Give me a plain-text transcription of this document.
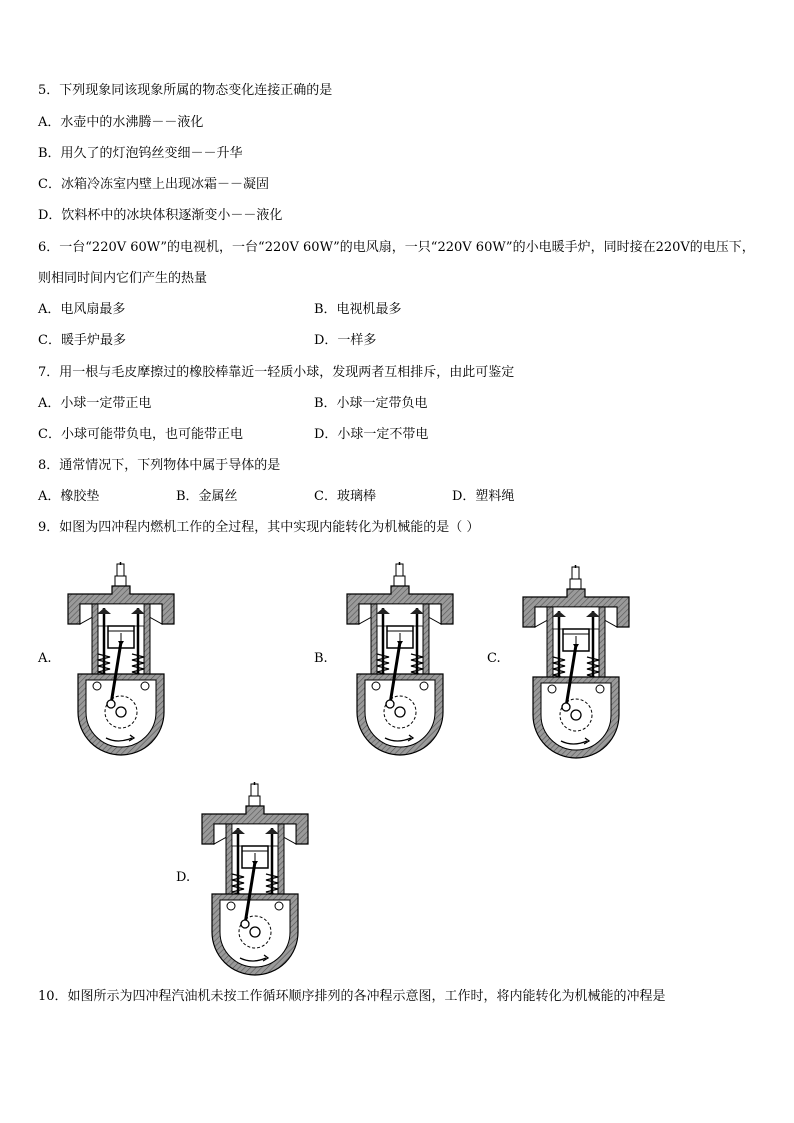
5．下列现象同该现象所属的物态变化连接正确的是
A．水壶中的水沸腾－－液化
B．用久了的灯泡钨丝变细－－升华
C．冰箱冷冻室内壁上出现冰霜－－凝固
D．饮料杯中的冰块体积逐渐变小－－液化
6．一台“220V 60W”的电视机，一台“220V 60W”的电风扇，一只“220V 60W”的小电暖手炉，同时接在220V的电压下，
则相同时间内它们产生的热量
A．电风扇最多	B．电视机最多
C．暖手炉最多	D．一样多
7．用一根与毛皮摩擦过的橡胶棒靠近一轻质小球，发现两者互相排斥，由此可鉴定
A．小球一定带正电	B．小球一定带负电
C．小球可能带负电，也可能带正电	D．小球一定不带电
8．通常情况下，下列物体中属于导体的是
A．橡胶垫	B．金属丝	C．玻璃棒	D．塑料绳
9．如图为四冲程内燃机工作的全过程，其中实现内能转化为机械能的是（ ）
A.	B.	C.
D.
10．如图所示为四冲程汽油机未按工作循环顺序排列的各冲程示意图，工作时，将内能转化为机械能的冲程是
